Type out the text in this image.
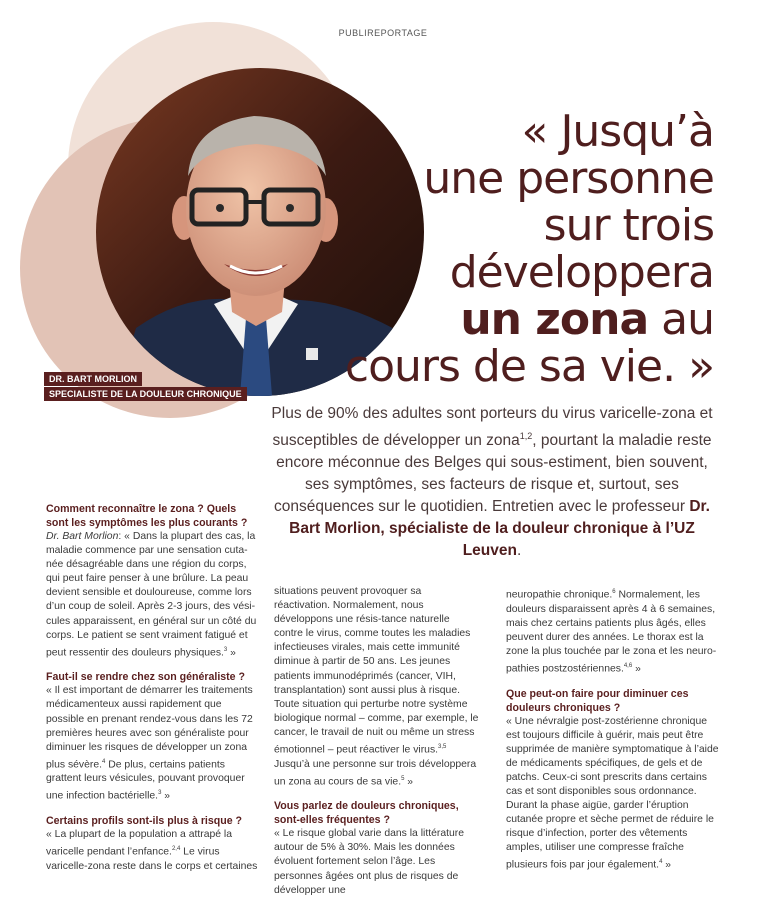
PUBLIREPORTAGE
DR. BART MORLION
SPECIALISTE DE LA DOULEUR CHRONIQUE
« Jusqu’à
une personne
sur trois
développera
un zona au
cours de sa vie. »
Plus de 90% des adultes sont porteurs du virus varicelle-zona et susceptibles de développer un zona$^{1,2}$, pourtant la maladie reste encore méconnue des Belges qui sous-estiment, bien souvent, ses symptômes, ses facteurs de risque et, surtout, ses conséquences sur le quotidien. Entretien avec le professeur Dr. Bart Morlion, spécialiste de la douleur chronique à l’UZ Leuven.
Comment reconnaître le zona ? Quels sont les symptômes les plus courants ?

Dr. Bart Morlion: « Dans la plupart des cas, la maladie commence par une sensation cuta-née désagréable dans une région du corps, qui peut faire penser à une brûlure. La peau devient sensible et douloureuse, comme lors d’un coup de soleil. Après 2-3 jours, des vési-cules apparaissent, en général sur un côté du corps. Le patient se sent vraiment fatigué et peut ressentir des douleurs physiques.$^3$ »

Faut-il se rendre chez son généraliste ?

« Il est important de démarrer les traitements médicamenteux aussi rapidement que possible en prenant rendez-vous dans les 72 premières heures avec son généraliste pour diminuer les risques de développer un zona plus sévère.$^4$ De plus, certains patients grattent leurs vésicules, pouvant provoquer une infection bactérielle.$^3$ »

Certains profils sont-ils plus à risque ?

« La plupart de la population a attrapé la varicelle pendant l’enfance.$^{2,4}$ Le virus varicelle-zona reste dans le corps et certaines

situations peuvent provoquer sa réactivation. Normalement, nous développons une résis-tance naturelle contre le virus, comme toutes les maladies infectieuses virales, mais cette immunité diminue à partir de 50 ans. Les jeunes patients immunodéprimés (cancer, VIH, transplantation) sont aussi plus à risque. Toute situation qui perturbe notre système biologique normal – comme, par exemple, le cancer, le travail de nuit ou même un stress émotionnel – peut réactiver le virus.$^{3,5}$ Jusqu’à une personne sur trois développera un zona au cours de sa vie.$^5$ »

Vous parlez de douleurs chroniques, sont-elles fréquentes ?

« Le risque global varie dans la littérature autour de 5% à 30%. Mais les données évoluent fortement selon l’âge. Les personnes âgées ont plus de risques de développer une

neuropathie chronique.$^6$ Normalement, les douleurs disparaissent après 4 à 6 semaines, mais chez certains patients plus âgés, elles peuvent durer des années. Le thorax est la zone la plus touchée par le zona et les neuro-pathies postzostériennes.$^{4,6}$ »

Que peut-on faire pour diminuer ces douleurs chroniques ?

« Une névralgie post-zostérienne chronique est toujours difficile à guérir, mais peut être supprimée de manière symptomatique à l’aide de médicaments spécifiques, de gels et de patchs. Ceux-ci sont prescrits dans certains cas et sont disponibles sous ordonnance. Durant la phase aigüe, garder l’éruption cutanée propre et sèche permet de réduire le risque d’infection, porter des vêtements amples, utiliser une compresse fraîche plusieurs fois par jour également.$^4$ »
